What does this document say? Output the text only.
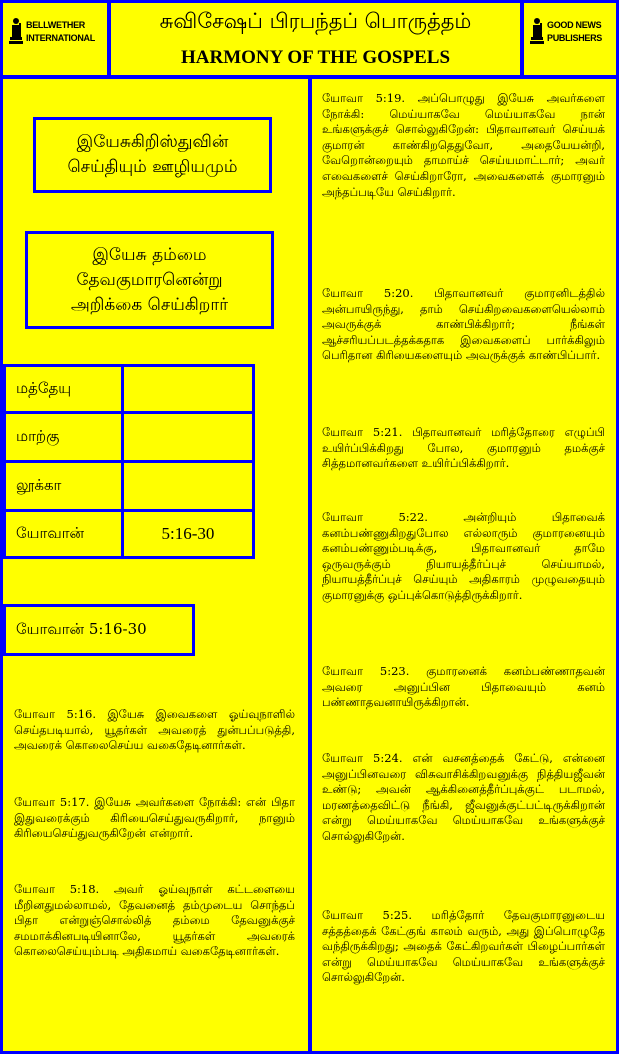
BELLWETHER
INTERNATIONAL
சுவிசேஷப் பிரபந்தப் பொருத்தம்
HARMONY OF THE GOSPELS
GOOD NEWS
PUBLISHERS
இயேசுகிறிஸ்துவின் செய்தியும் ஊழியமும்
இயேசு தம்மை தேவகுமாரனென்று அறிக்கை செய்கிறார்
மத்தேயு
மாற்கு
லூக்கா
யோவான்	5:16-30
யோவான் 5:16-30
யோவா 5:16. இயேசு இவைகளை ஓய்வுநாளில் செய்தபடியால், யூதர்கள் அவரைத் துன்பப்படுத்தி, அவரைக் கொலைசெய்ய வகைதேடினார்கள்.
யோவா 5:17. இயேசு அவர்களை நோக்கி: என் பிதா இதுவரைக்கும் கிரியைசெய்துவருகிறார், நானும் கிரியைசெய்துவருகிறேன் என்றார்.
யோவா 5:18. அவர் ஓய்வுநாள் கட்டளையை மீறினதுமல்லாமல், தேவனைத் தம்முடைய சொந்தப் பிதா என்றுஞ்சொல்லித் தம்மை தேவனுக்குச் சமமாக்கினபடியினாலே, யூதர்கள் அவரைக் கொலைசெய்யும்படி அதிகமாய் வகைதேடினார்கள்.
யோவா 5:19. அப்பொழுது இயேசு அவர்களை நோக்கி: மெய்யாகவே மெய்யாகவே நான் உங்களுக்குச் சொல்லுகிறேன்: பிதாவானவர் செய்யக் குமாரன் காண்கிறதெதுவோ, அதையேயன்றி, வேறொன்றையும் தாமாய்ச் செய்யமாட்டார்; அவர் எவைகளைச் செய்கிறாரோ, அவைகளைக் குமாரனும் அந்தப்படியே செய்கிறார்.
யோவா 5:20. பிதாவானவர் குமாரனிடத்தில் அன்பாயிருந்து, தாம் செய்கிறவைகளையெல்லாம் அவருக்குக் காண்பிக்கிறார்; நீங்கள் ஆச்சரியப்படத்தக்கதாக இவைகளைப் பார்க்கிலும் பெரிதான கிரியைகளையும் அவருக்குக் காண்பிப்பார்.
யோவா 5:21. பிதாவானவர் மரித்தோரை எழுப்பி உயிர்ப்பிக்கிறது போல, குமாரனும் தமக்குச் சித்தமானவர்களை உயிர்ப்பிக்கிறார்.
யோவா 5:22. அன்றியும் பிதாவைக் கனம்பண்ணுகிறதுபோல எல்லாரும் குமாரனையும் கனம்பண்ணும்படிக்கு, பிதாவானவர் தாமே ஒருவருக்கும் நியாயத்தீர்ப்புச் செய்யாமல், நியாயத்தீர்ப்புச் செய்யும் அதிகாரம் முழுவதையும் குமாரனுக்கு ஒப்புக்கொடுத்திருக்கிறார்.
யோவா 5:23. குமாரனைக் கனம்பண்ணாதவன் அவரை அனுப்பின பிதாவையும் கனம் பண்ணாதவனாயிருக்கிறான்.
யோவா 5:24. என் வசனத்தைக் கேட்டு, என்னை அனுப்பினவரை விசுவாசிக்கிறவனுக்கு நித்தியஜீவன் உண்டு; அவன் ஆக்கினைத்தீர்ப்புக்குட் படாமல், மரணத்தைவிட்டு நீங்கி, ஜீவனுக்குட்பட்டிருக்கிறான் என்று மெய்யாகவே மெய்யாகவே உங்களுக்குச் சொல்லுகிறேன்.
யோவா 5:25. மரித்தோர் தேவகுமாரனுடைய சத்தத்தைக் கேட்குங் காலம் வரும், அது இப்பொழுதே வந்திருக்கிறது; அதைக் கேட்கிறவர்கள் பிழைப்பார்கள் என்று மெய்யாகவே மெய்யாகவே உங்களுக்குச் சொல்லுகிறேன்.
